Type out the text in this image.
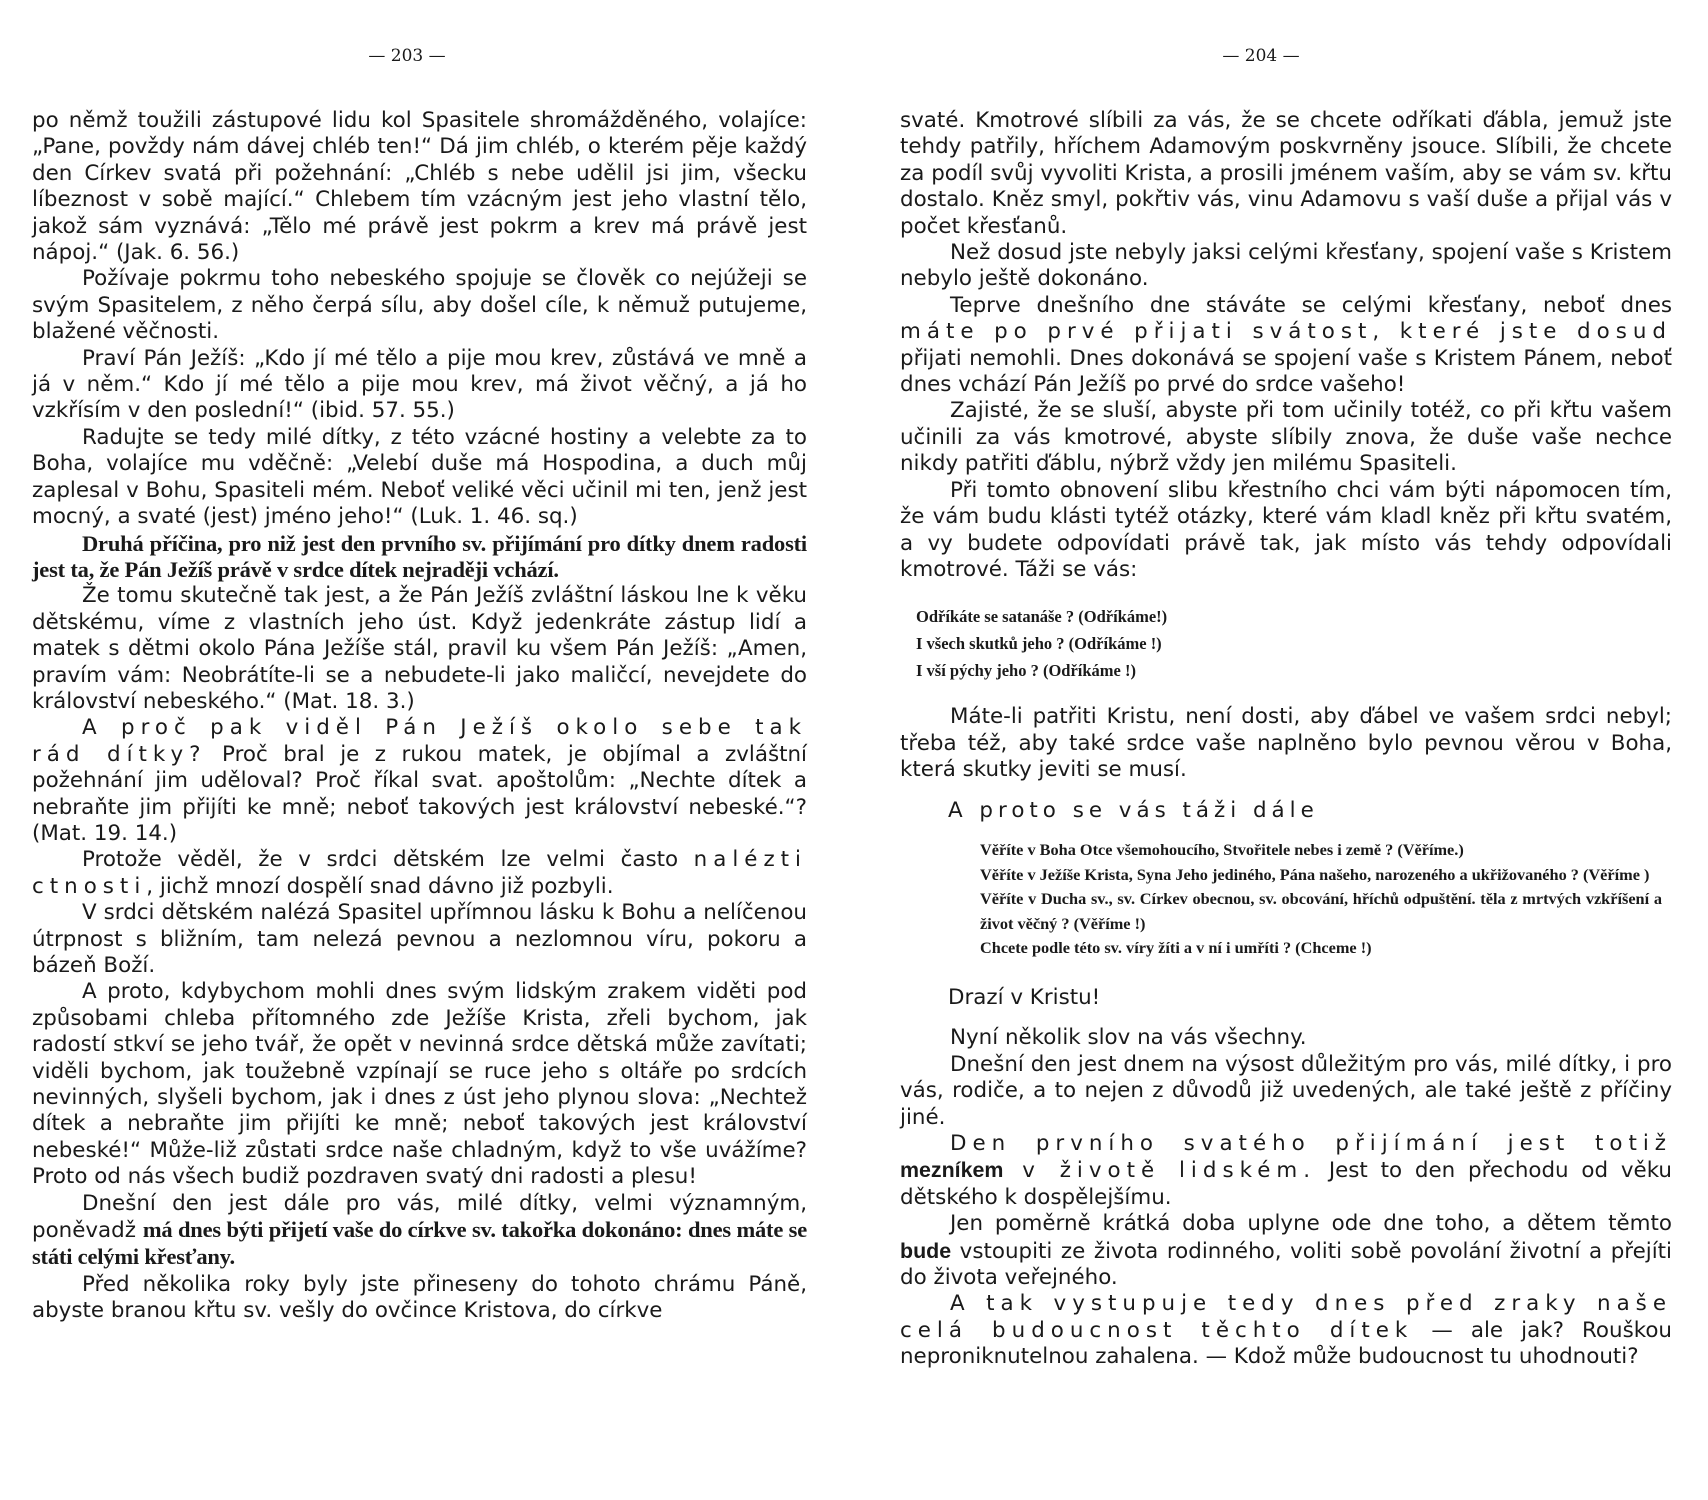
— 203 —

po němž toužili zástupové lidu kol Spasitele shromážděného, volajíce: „Pane, povždy nám dávej chléb ten!“ Dá jim chléb, o kterém pěje každý den Církev svatá při požehnání: „Chléb s nebe udělil jsi jim, všecku líbeznost v sobě mající.“ Chlebem tím vzácným jest jeho vlastní tělo, jakož sám vyznává: „Tělo mé právě jest pokrm a krev má právě jest nápoj.“ (Jak. 6. 56.)

Požívaje pokrmu toho nebeského spojuje se člověk co nejúžeji se svým Spasitelem, z něho čerpá sílu, aby došel cíle, k němuž putujeme, blažené věčnosti.

Praví Pán Ježíš: „Kdo jí mé tělo a pije mou krev, zůstává ve mně a já v něm.“ Kdo jí mé tělo a pije mou krev, má život věčný, a já ho vzkřísím v den poslední!“ (ibid. 57. 55.)

Radujte se tedy milé dítky, z této vzácné hostiny a velebte za to Boha, volajíce mu vděčně: „Velebí duše má Hospodina, a duch můj zaplesal v Bohu, Spasiteli mém. Neboť veliké věci učinil mi ten, jenž jest mocný, a svaté (jest) jméno jeho!“ (Luk. 1. 46. sq.)

Druhá příčina, pro niž jest den prvního sv. přijímání pro dítky dnem radosti jest ta, že Pán Ježíš právě v srdce dítek nejraději vchází.

Že tomu skutečně tak jest, a že Pán Ježíš zvláštní láskou lne k věku dětskému, víme z vlastních jeho úst. Když jedenkráte zástup lidí a matek s dětmi okolo Pána Ježíše stál, pravil ku všem Pán Ježíš: „Amen, pravím vám: Neobrátíte-li se a nebudete-li jako maličcí, nevejdete do království nebeského.“ (Mat. 18. 3.)

A proč pak viděl Pán Ježíš okolo sebe tak rád dítky? Proč bral je z rukou matek, je objímal a zvláštní požehnání jim uděloval? Proč říkal svat. apoštolům: „Nechte dítek a nebraňte jim přijíti ke mně; neboť takových jest království nebeské.“? (Mat. 19. 14.)

Protože věděl, že v srdci dětském lze velmi často nalézti ctnosti, jichž mnozí dospělí snad dávno již pozbyli.

V srdci dětském nalézá Spasitel upřímnou lásku k Bohu a nelíčenou útrpnost s bližním, tam nelezá pevnou a nezlomnou víru, pokoru a bázeň Boží.

A proto, kdybychom mohli dnes svým lidským zrakem viděti pod způsobami chleba přítomného zde Ježíše Krista, zřeli bychom, jak radostí stkví se jeho tvář, že opět v nevinná srdce dětská může zavítati; viděli bychom, jak toužebně vzpínají se ruce jeho s oltáře po srdcích nevinných, slyšeli bychom, jak i dnes z úst jeho plynou slova: „Nechtež dítek a nebraňte jim přijíti ke mně; neboť takových jest království nebeské!“ Může-liž zůstati srdce naše chladným, když to vše uvážíme? Proto od nás všech budiž pozdraven svatý dni radosti a plesu!

Dnešní den jest dále pro vás, milé dítky, velmi významným, poněvadž má dnes býti přijetí vaše do církve sv. takořka dokonáno: dnes máte se státi celými křesťany.

Před několika roky byly jste přineseny do tohoto chrámu Páně, abyste branou křtu sv. vešly do ovčince Kristova, do církve

— 204 —

svaté. Kmotrové slíbili za vás, že se chcete odříkati ďábla, jemuž jste tehdy patřily, hříchem Adamovým poskvrněny jsouce. Slíbili, že chcete za podíl svůj vyvoliti Krista, a prosili jménem vaším, aby se vám sv. křtu dostalo. Kněz smyl, pokřtiv vás, vinu Adamovu s vaší duše a přijal vás v počet křesťanů.

Než dosud jste nebyly jaksi celými křesťany, spojení vaše s Kristem nebylo ještě dokonáno.

Teprve dnešního dne stáváte se celými křesťany, neboť dnes máte po prvé přijati svátost, které jste dosud přijati nemohli. Dnes dokonává se spojení vaše s Kristem Pánem, neboť dnes vchází Pán Ježíš po prvé do srdce vašeho!

Zajisté, že se sluší, abyste při tom učinily totéž, co při křtu vašem učinili za vás kmotrové, abyste slíbily znova, že duše vaše nechce nikdy patřiti ďáblu, nýbrž vždy jen milému Spasiteli.

Při tomto obnovení slibu křestního chci vám býti nápomocen tím, že vám budu klásti tytéž otázky, které vám kladl kněz při křtu svatém, a vy budete odpovídati právě tak, jak místo vás tehdy odpovídali kmotrové. Táži se vás:

Odříkáte se satanáše ? (Odříkáme!)
I všech skutků jeho ? (Odříkáme !)
I vší pýchy jeho ? (Odříkáme !)

Máte-li patřiti Kristu, není dosti, aby ďábel ve vašem srdci nebyl; třeba též, aby také srdce vaše naplněno bylo pevnou věrou v Boha, která skutky jeviti se musí.

A proto se vás táži dále

Věříte v Boha Otce všemohoucího, Stvořitele nebes i země ? (Věříme.)
Věříte v Ježíše Krista, Syna Jeho jediného, Pána našeho, narozeného a ukřižovaného ? (Věříme )
Věříte v Ducha sv., sv. Církev obecnou, sv. obcování, hříchů odpuštění. těla z mrtvých vzkříšení a život věčný ? (Věříme !)
Chcete podle této sv. víry žíti a v ní i umříti ? (Chceme !)

Drazí v Kristu!

Nyní několik slov na vás všechny.

Dnešní den jest dnem na výsost důležitým pro vás, milé dítky, i pro vás, rodiče, a to nejen z důvodů již uvedených, ale také ještě z příčiny jiné.

Den prvního svatého přijímání jest totiž mezníkem v životě lidském. Jest to den přechodu od věku dětského k dospělejšímu.

Jen poměrně krátká doba uplyne ode dne toho, a dětem těmto bude vstoupiti ze života rodinného, voliti sobě povolání životní a přejíti do života veřejného.

A tak vystupuje tedy dnes před zraky naše celá budoucnost těchto dítek — ale jak? Rouškou neproniknutelnou zahalena. — Kdož může budoucnost tu uhodnouti?
